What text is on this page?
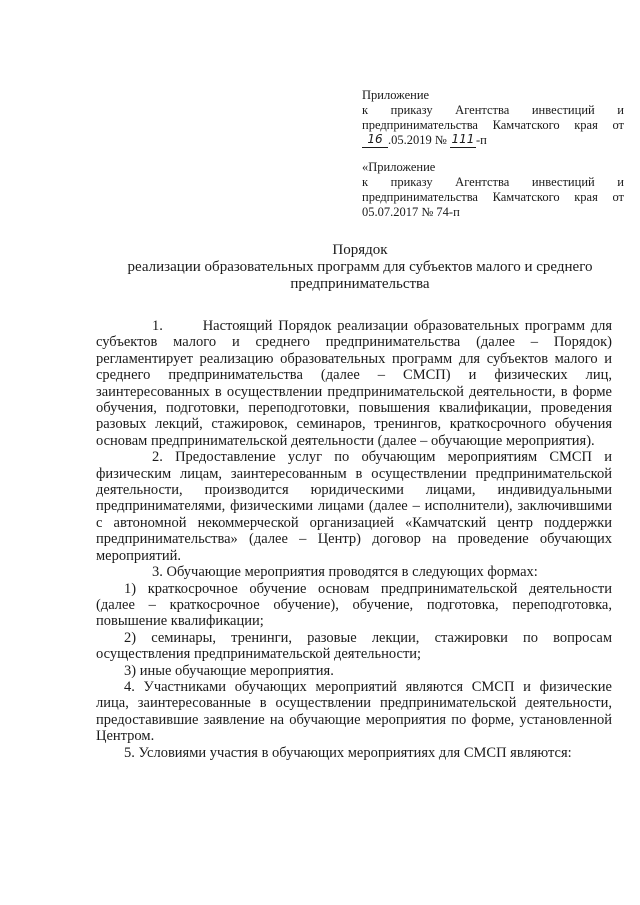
Приложение
к приказу Агентства инвестиций и
предпринимательства Камчатского края от
16 .05.2019 №
111 -п
«Приложение
к приказу Агентства инвестиций и
предпринимательства Камчатского края от
05.07.2017 № 74-п
Порядок
реализации образовательных программ для субъектов малого и среднего
предпринимательства

1.       Настоящий Порядок реализации образовательных программ для субъектов малого и среднего предпринимательства (далее – Порядок) регламентирует реализацию образовательных программ для субъектов малого и среднего предпринимательства (далее – СМСП) и физических лиц, заинтересованных в осуществлении предпринимательской деятельности, в форме обучения, подготовки, переподготовки, повышения квалификации, проведения разовых лекций, стажировок, семинаров, тренингов, краткосрочного обучения основам предпринимательской деятельности (далее – обучающие мероприятия).

2. Предоставление услуг по обучающим мероприятиям СМСП и физическим лицам, заинтересованным в осуществлении предпринимательской деятельности, производится юридическими лицами, индивидуальными предпринимателями, физическими лицами (далее – исполнители), заключившими с автономной некоммерческой организацией «Камчатский центр поддержки предпринимательства» (далее – Центр) договор на проведение обучающих мероприятий.

3. Обучающие мероприятия проводятся в следующих формах:

1) краткосрочное обучение основам предпринимательской деятельности (далее – краткосрочное обучение), обучение, подготовка, переподготовка, повышение квалификации;

2) семинары, тренинги, разовые лекции, стажировки по вопросам осуществления предпринимательской деятельности;

3) иные обучающие мероприятия.

4. Участниками обучающих мероприятий являются СМСП и физические лица, заинтересованные в осуществлении предпринимательской деятельности, предоставившие заявление на обучающие мероприятия по форме, установленной Центром.

5. Условиями участия в обучающих мероприятиях для СМСП являются:
